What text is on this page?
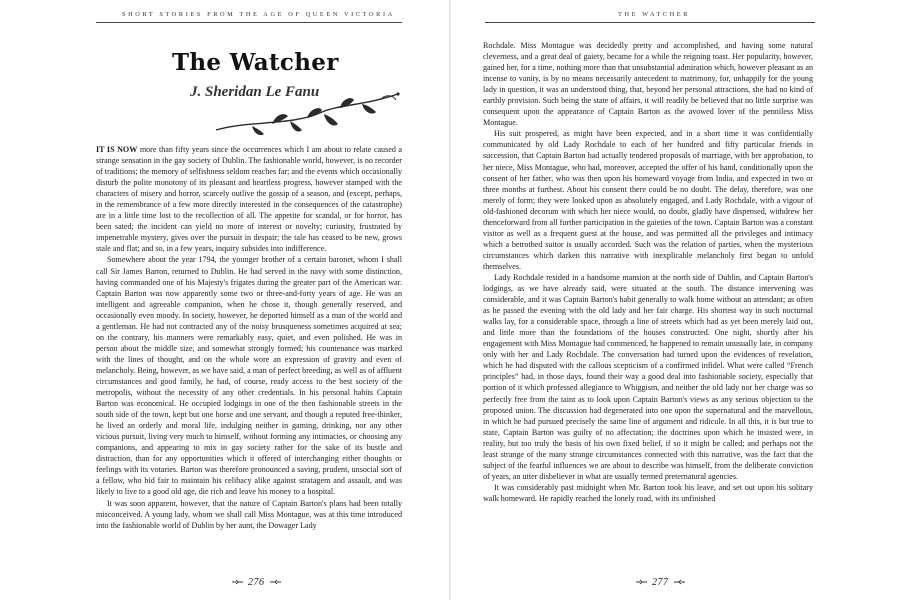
SHORT STORIES FROM THE AGE OF QUEEN VICTORIA
The Watcher
J. Sheridan Le Fanu

IT IS NOW more than fifty years since the occurrences which I am about to relate caused a strange sensation in the gay society of Dublin. The fashionable world, however, is no recorder of traditions; the memory of selfishness seldom reaches far; and the events which occasionally disturb the polite monotony of its pleasant and heartless progress, however stamped with the characters of misery and horror, scarcely outlive the gossip of a season, and (except, perhaps, in the remembrance of a few more directly interested in the consequences of the catastrophe) are in a little time lost to the recollection of all. The appetite for scandal, or for horror, has been sated; the incident can yield no more of interest or novelty; curiosity, frustrated by impenetrable mystery, gives over the pursuit in despair; the tale has ceased to be new, grows stale and flat; and so, in a few years, inquiry subsides into indifference.

Somewhere about the year 1794, the younger brother of a certain baronet, whom I shall call Sir James Barton, returned to Dublin. He had served in the navy with some distinction, having commanded one of his Majesty's frigates during the greater part of the American war. Captain Barton was now apparently some two or three-and-forty years of age. He was an intelligent and agreeable companion, when he chose it, though generally reserved, and occasionally even moody. In society, however, he deported himself as a man of the world and a gentleman. He had not contracted any of the noisy brusqueness sometimes acquired at sea; on the contrary, his manners were remarkably easy, quiet, and even polished. He was in person about the middle size, and somewhat strongly formed; his countenance was marked with the lines of thought, and on the whole wore an expression of gravity and even of melancholy. Being, however, as we have said, a man of perfect breeding, as well as of affluent circumstances and good family, he had, of course, ready access to the best society of the metropolis, without the necessity of any other credentials. In his personal habits Captain Barton was economical. He occupied lodgings in one of the then fashionable streets in the south side of the town, kept but one horse and one servant, and though a reputed free-thinker, he lived an orderly and moral life, indulging neither in gaming, drinking, nor any other vicious pursuit, living very much to himself, without forming any intimacies, or choosing any companions, and appearing to mix in gay society rather for the sake of its bustle and distraction, than for any opportunities which it offered of interchanging either thoughts or feelings with its votaries. Barton was therefore pronounced a saving, prudent, unsocial sort of a fellow, who bid fair to maintain his celibacy alike against stratagem and assault, and was likely to live to a good old age, die rich and leave his money to a hospital.

It was soon apparent, however, that the nature of Captain Barton's plans had been totally misconceived. A young lady, whom we shall call Miss Montague, was at this time introduced into the fashionable world of Dublin by her aunt, the Dowager Lady

276
THE WATCHER

Rochdale. Miss Montague was decidedly pretty and accomplished, and having some natural cleverness, and a great deal of gaiety, became for a while the reigning toast. Her popularity, however, gained her, for a time, nothing more than that unsubstantial admiration which, however pleasant as an incense to vanity, is by no means necessarily antecedent to matrimony, for, unhappily for the young lady in question, it was an understood thing, that, beyond her personal attractions, she had no kind of earthly provision. Such being the state of affairs, it will readily be believed that no little surprise was consequent upon the appearance of Captain Barton as the avowed lover of the penniless Miss Montague.

His suit prospered, as might have been expected, and in a short time it was confidentially communicated by old Lady Rochdale to each of her hundred and fifty particular friends in succession, that Captain Barton had actually tendered proposals of marriage, with her approbation, to her niece, Miss Montague, who had, moreover, accepted the offer of his hand, conditionally upon the consent of her father, who was then upon his homeward voyage from India, and expected in two or three months at furthest. About his consent there could be no doubt. The delay, therefore, was one merely of form; they were looked upon as absolutely engaged, and Lady Rochdale, with a vigour of old-fashioned decorum with which her niece would, no doubt, gladly have dispensed, withdrew her thenceforward from all further participation in the gaieties of the town. Captain Barton was a constant visitor as well as a frequent guest at the house, and was permitted all the privileges and intimacy which a betrothed suitor is usually accorded. Such was the relation of parties, when the mysterious circumstances which darken this narrative with inexplicable melancholy first began to unfold themselves.

Lady Rochdale resided in a handsome mansion at the north side of Dublin, and Captain Barton's lodgings, as we have already said, were situated at the south. The distance intervening was considerable, and it was Captain Barton's habit generally to walk home without an attendant; as often as he passed the evening with the old lady and her fair charge. His shortest way in such nocturnal walks lay, for a considerable space, through a line of streets which had as yet been merely laid out, and little more than the foundations of the houses constructed. One night, shortly after his engagement with Miss Montague had commenced, he happened to remain unusually late, in company only with her and Lady Rochdale. The conversation had turned upon the evidences of revelation, which he had disputed with the callous scepticism of a confirmed infidel. What were called “French principles” had, in those days, found their way a good deal into fashionable society, especially that portion of it which professed allegiance to Whiggism, and neither the old lady nor her charge was so perfectly free from the taint as to look upon Captain Barton's views as any serious objection to the proposed union. The discussion had degenerated into one upon the supernatural and the marvellous, in which he had pursued precisely the same line of argument and ridicule. In all this, it is but true to state, Captain Barton was guilty of no affectation; the doctrines upon which he insisted were, in reality, but too truly the basis of his own fixed belief, if so it might be called; and perhaps not the least strange of the many strange circumstances connected with this narrative, was the fact that the subject of the fearful influences we are about to describe was himself, from the deliberate conviction of years, an utter disbeliever in what are usually termed preternatural agencies.

It was considerably past midnight when Mr. Barton took his leave, and set out upon his solitary walk homeward. He rapidly reached the lonely road, with its unfinished

277
